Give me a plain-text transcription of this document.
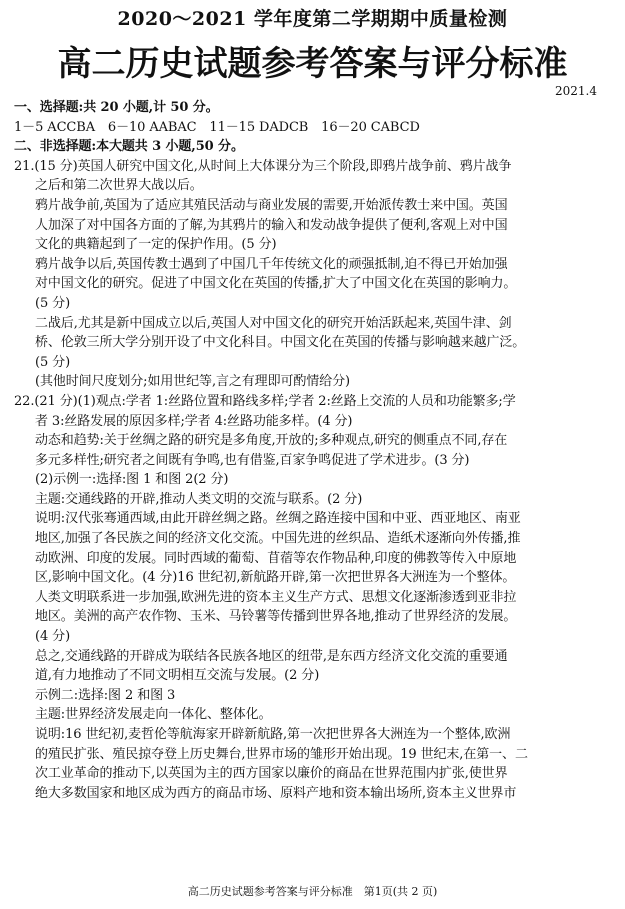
2020～2021 学年度第二学期期中质量检测
高二历史试题参考答案与评分标准
2021.4
一、选择题:共 20 小题,计 50 分。
1－5 ACCBA　6－10 AABAC　11－15 DADCB　16－20 CABCD
二、非选择题:本大题共 3 小题,50 分。
21.(15 分)英国人研究中国文化,从时间上大体课分为三个阶段,即鸦片战争前、鸦片战争
之后和第二次世界大战以后。
鸦片战争前,英国为了适应其殖民活动与商业发展的需要,开始派传教士来中国。英国
人加深了对中国各方面的了解,为其鸦片的输入和发动战争提供了便利,客观上对中国
文化的典籍起到了一定的保护作用。(5 分)
鸦片战争以后,英国传教士遇到了中国几千年传统文化的顽强抵制,迫不得已开始加强
对中国文化的研究。促进了中国文化在英国的传播,扩大了中国文化在英国的影响力。
(5 分)
二战后,尤其是新中国成立以后,英国人对中国文化的研究开始活跃起来,英国牛津、剑
桥、伦敦三所大学分别开设了中文化科目。中国文化在英国的传播与影响越来越广泛。
(5 分)
(其他时间尺度划分;如用世纪等,言之有理即可酌情给分)
22.(21 分)(1)观点:学者 1:丝路位置和路线多样;学者 2:丝路上交流的人员和功能繁多;学
者 3:丝路发展的原因多样;学者 4:丝路功能多样。(4 分)
动态和趋势:关于丝绸之路的研究是多角度,开放的;多种观点,研究的侧重点不同,存在
多元多样性;研究者之间既有争鸣,也有借鉴,百家争鸣促进了学术进步。(3 分)
(2)示例一:选择:图 1 和图 2(2 分)
主题:交通线路的开辟,推动人类文明的交流与联系。(2 分)
说明:汉代张骞通西域,由此开辟丝绸之路。丝绸之路连接中国和中亚、西亚地区、南亚
地区,加强了各民族之间的经济文化交流。中国先进的丝织品、造纸术逐渐向外传播,推
动欧洲、印度的发展。同时西域的葡萄、苜蓿等农作物品种,印度的佛教等传入中原地
区,影响中国文化。(4 分)16 世纪初,新航路开辟,第一次把世界各大洲连为一个整体。
人类文明联系进一步加强,欧洲先进的资本主义生产方式、思想文化逐渐渗透到亚非拉
地区。美洲的高产农作物、玉米、马铃薯等传播到世界各地,推动了世界经济的发展。
(4 分)
总之,交通线路的开辟成为联结各民族各地区的纽带,是东西方经济文化交流的重要通
道,有力地推动了不同文明相互交流与发展。(2 分)
示例二:选择:图 2 和图 3
主题:世界经济发展走向一体化、整体化。
说明:16 世纪初,麦哲伦等航海家开辟新航路,第一次把世界各大洲连为一个整体,欧洲
的殖民扩张、殖民掠夺登上历史舞台,世界市场的雏形开始出现。19 世纪末,在第一、二
次工业革命的推动下,以英国为主的西方国家以廉价的商品在世界范围内扩张,使世界
绝大多数国家和地区成为西方的商品市场、原料产地和资本输出场所,资本主义世界市
高二历史试题参考答案与评分标准　第1页(共 2 页)
